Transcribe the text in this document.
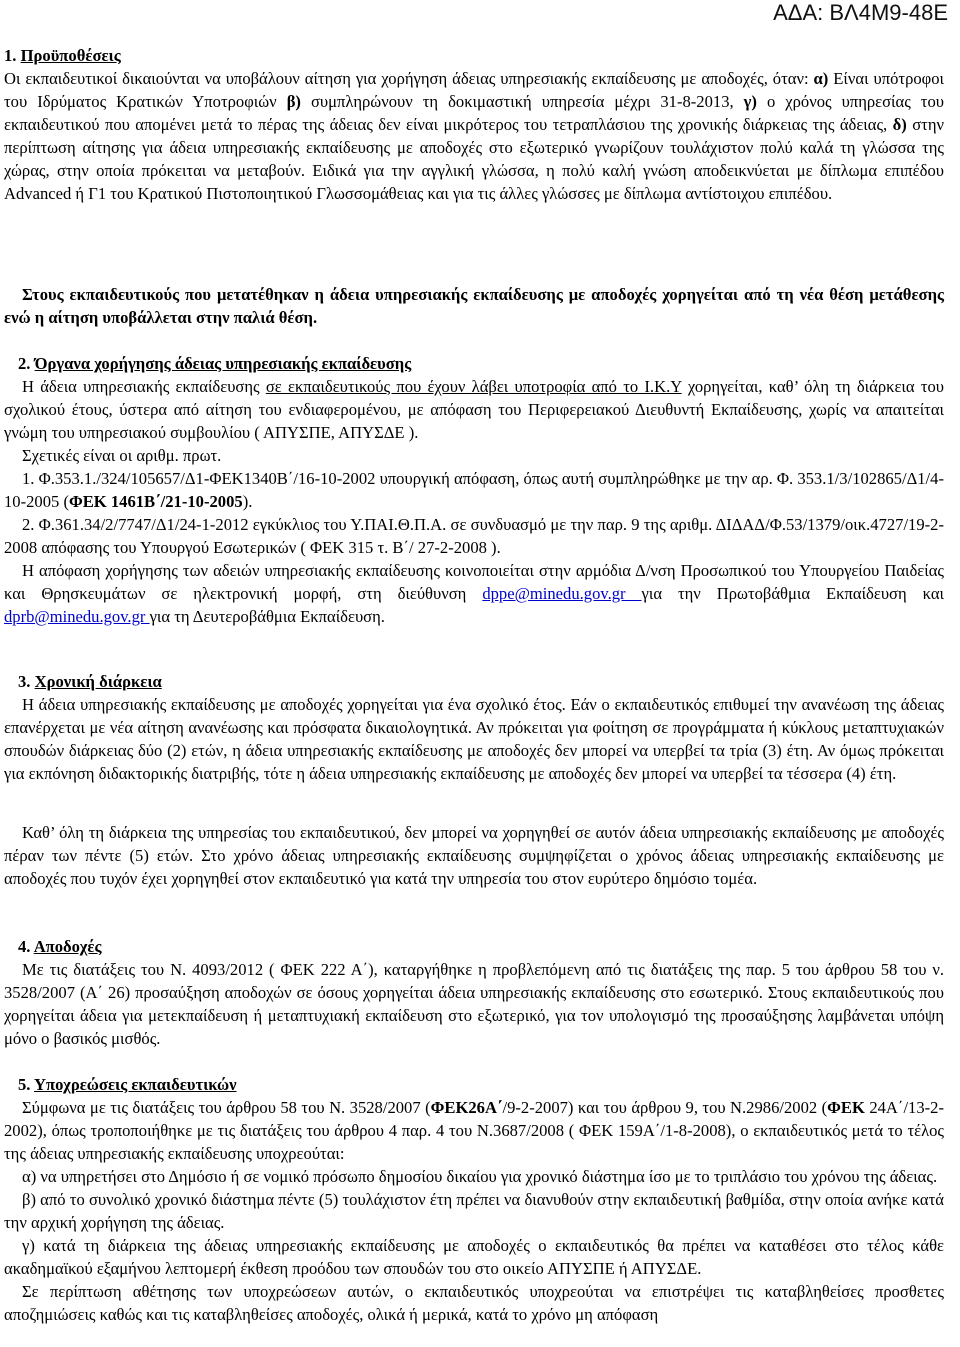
ΑΔΑ: ΒΛ4Μ9-48Ε
1. Προϋποθέσεις

Οι εκπαιδευτικοί δικαιούνται να υποβάλουν αίτηση για χορήγηση άδειας υπηρεσιακής εκπαίδευσης με αποδοχές, όταν: α) Είναι υπότροφοι του Ιδρύματος Κρατικών Υποτροφιών β) συμπληρώνουν τη δοκιμαστική υπηρεσία μέχρι 31-8-2013, γ) ο χρόνος υπηρεσίας του εκπαιδευτικού που απομένει μετά το πέρας της άδειας δεν είναι μικρότερος του τετραπλάσιου της χρονικής διάρκειας της άδειας, δ) στην περίπτωση αίτησης για άδεια υπηρεσιακής εκπαίδευσης με αποδοχές στο εξωτερικό γνωρίζουν τουλάχιστον πολύ καλά τη γλώσσα της χώρας, στην οποία πρόκειται να μεταβούν. Ειδικά για την αγγλική γλώσσα, η πολύ καλή γνώση αποδεικνύεται με δίπλωμα επιπέδου Advanced ή Γ1 του Κρατικού Πιστοποιητικού Γλωσσομάθειας και για τις άλλες γλώσσες με δίπλωμα αντίστοιχου επιπέδου.

Στους εκπαιδευτικούς που μετατέθηκαν η άδεια υπηρεσιακής εκπαίδευσης με αποδοχές χορηγείται από τη νέα θέση μετάθεσης ενώ η αίτηση υποβάλλεται στην παλιά θέση.

2. Όργανα χορήγησης άδειας υπηρεσιακής εκπαίδευσης

Η άδεια υπηρεσιακής εκπαίδευσης σε εκπαιδευτικούς που έχουν λάβει υποτροφία από το Ι.Κ.Υ χορηγείται, καθ’ όλη τη διάρκεια του σχολικού έτους, ύστερα από αίτηση του ενδιαφερομένου, με απόφαση του Περιφερειακού Διευθυντή Εκπαίδευσης, χωρίς να απαιτείται γνώμη του υπηρεσιακού συμβουλίου ( ΑΠΥΣΠΕ, ΑΠΥΣΔΕ ).

Σχετικές είναι οι αριθμ. πρωτ.

1. Φ.353.1./324/105657/Δ1-ΦΕΚ1340Β΄/16-10-2002 υπουργική απόφαση, όπως αυτή συμπληρώθηκε με την αρ. Φ. 353.1/3/102865/Δ1/4-10-2005 (ΦΕΚ 1461Β΄/21-10-2005).

2. Φ.361.34/2/7747/Δ1/24-1-2012 εγκύκλιος του Υ.ΠΑΙ.Θ.Π.Α. σε συνδυασμό με την παρ. 9 της αριθμ. ΔΙΔΑΔ/Φ.53/1379/οικ.4727/19-2-2008 απόφασης του Υπουργού Εσωτερικών ( ΦΕΚ 315 τ. Β΄/ 27-2-2008 ).

Η απόφαση χορήγησης των αδειών υπηρεσιακής εκπαίδευσης κοινοποιείται στην αρμόδια Δ/νση Προσωπικού του Υπουργείου Παιδείας και Θρησκευμάτων σε ηλεκτρονική μορφή, στη διεύθυνση dppe@minedu.gov.gr για την Πρωτοβάθμια Εκπαίδευση και dprb@minedu.gov.gr για τη Δευτεροβάθμια Εκπαίδευση.

3. Χρονική διάρκεια

Η άδεια υπηρεσιακής εκπαίδευσης με αποδοχές χορηγείται για ένα σχολικό έτος. Εάν ο εκπαιδευτικός επιθυμεί την ανανέωση της άδειας επανέρχεται με νέα αίτηση ανανέωσης και πρόσφατα δικαιολογητικά. Αν πρόκειται για φοίτηση σε προγράμματα ή κύκλους μεταπτυχιακών σπουδών διάρκειας δύο (2) ετών, η άδεια υπηρεσιακής εκπαίδευσης με αποδοχές δεν μπορεί να υπερβεί τα τρία (3) έτη. Αν όμως πρόκειται για εκπόνηση διδακτορικής διατριβής, τότε η άδεια υπηρεσιακής εκπαίδευσης με αποδοχές δεν μπορεί να υπερβεί τα τέσσερα (4) έτη.

Καθ’ όλη τη διάρκεια της υπηρεσίας του εκπαιδευτικού, δεν μπορεί να χορηγηθεί σε αυτόν άδεια υπηρεσιακής εκπαίδευσης με αποδοχές πέραν των πέντε (5) ετών. Στο χρόνο άδειας υπηρεσιακής εκπαίδευσης συμψηφίζεται ο χρόνος άδειας υπηρεσιακής εκπαίδευσης με αποδοχές που τυχόν έχει χορηγηθεί στον εκπαιδευτικό για κατά την υπηρεσία του στον ευρύτερο δημόσιο τομέα.

4. Αποδοχές

Με τις διατάξεις του Ν. 4093/2012 ( ΦΕΚ 222 Α΄), καταργήθηκε η προβλεπόμενη από τις διατάξεις της παρ. 5 του άρθρου 58 του ν. 3528/2007 (Α΄ 26) προσαύξηση αποδοχών σε όσους χορηγείται άδεια υπηρεσιακής εκπαίδευσης στο εσωτερικό. Στους εκπαιδευτικούς που χορηγείται άδεια για μετεκπαίδευση ή μεταπτυχιακή εκπαίδευση στο εξωτερικό, για τον υπολογισμό της προσαύξησης λαμβάνεται υπόψη μόνο ο βασικός μισθός.

5. Υποχρεώσεις εκπαιδευτικών

Σύμφωνα με τις διατάξεις του άρθρου 58 του Ν. 3528/2007 (ΦΕΚ26Α΄/9-2-2007) και του άρθρου 9, του Ν.2986/2002 (ΦΕΚ 24Α΄/13-2-2002), όπως τροποποιήθηκε με τις διατάξεις του άρθρου 4 παρ. 4 του Ν.3687/2008 ( ΦΕΚ 159Α΄/1-8-2008), ο εκπαιδευτικός μετά το τέλος της άδειας υπηρεσιακής εκπαίδευσης υποχρεούται:

α) να υπηρετήσει στο Δημόσιο ή σε νομικό πρόσωπο δημοσίου δικαίου για χρονικό διάστημα ίσο με το τριπλάσιο του χρόνου της άδειας.

β) από το συνολικό χρονικό διάστημα πέντε (5) τουλάχιστον έτη πρέπει να διανυθούν στην εκπαιδευτική βαθμίδα, στην οποία ανήκε κατά την αρχική χορήγηση της άδειας.

γ) κατά τη διάρκεια της άδειας υπηρεσιακής εκπαίδευσης με αποδοχές ο εκπαιδευτικός θα πρέπει να καταθέσει στο τέλος κάθε ακαδημαϊκού εξαμήνου λεπτομερή έκθεση προόδου των σπουδών του στο οικείο ΑΠΥΣΠΕ ή ΑΠΥΣΔΕ.

Σε περίπτωση αθέτησης των υποχρεώσεων αυτών, ο εκπαιδευτικός υποχρεούται να επιστρέψει τις καταβληθείσες προσθετες αποζημιώσεις καθώς και τις καταβληθείσες αποδοχές, ολικά ή μερικά, κατά το χρόνο μη απόφαση
